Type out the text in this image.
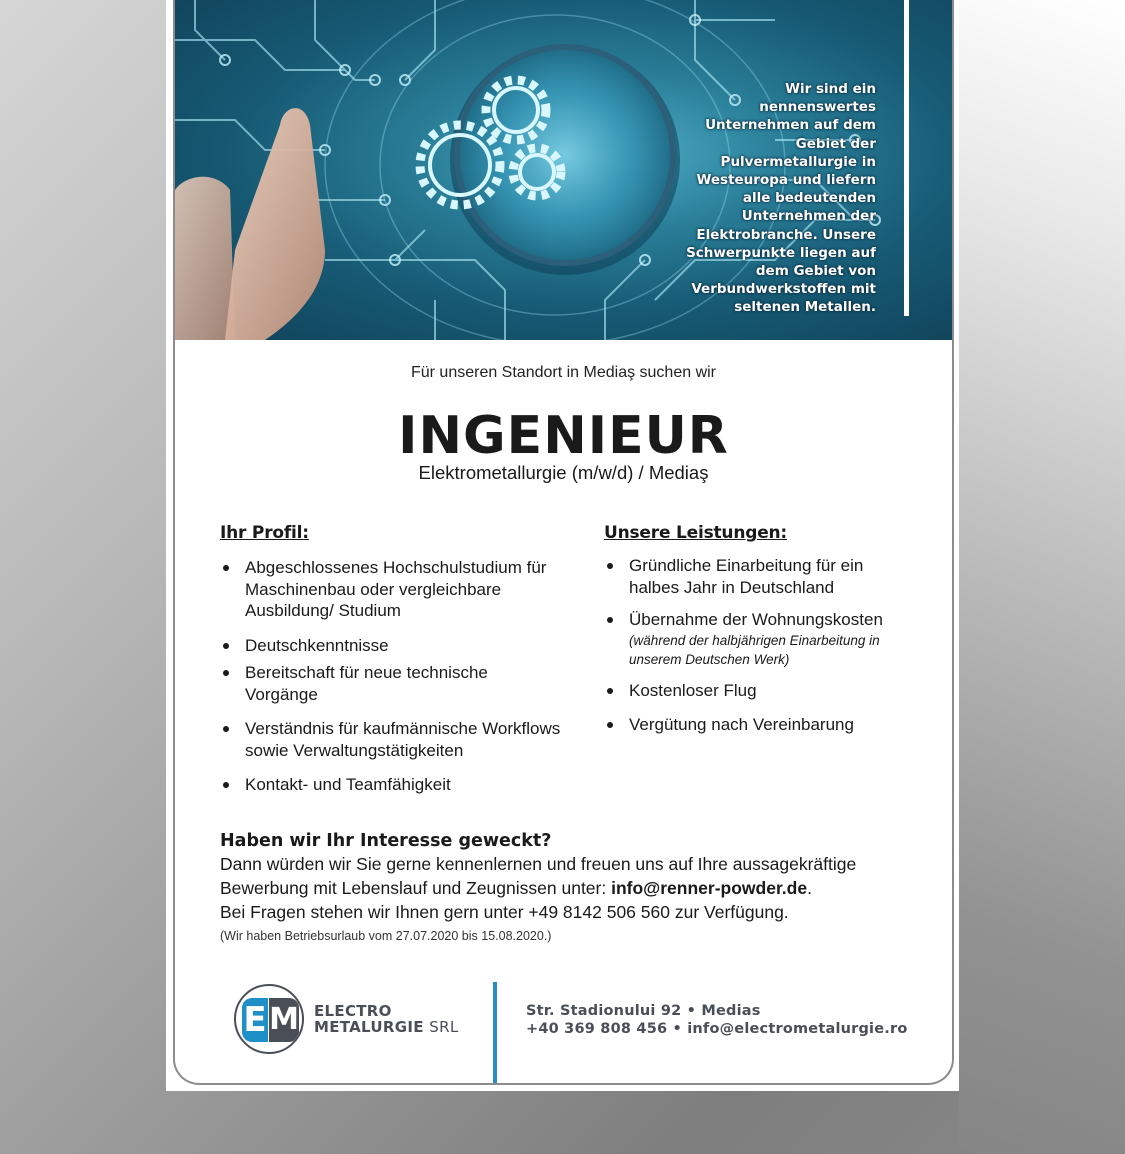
Wir sind ein nennenswertes Unternehmen auf dem Gebiet der Pulvermetallurgie in Westeuropa und liefern alle bedeutenden Unternehmen der Elektrobranche. Unsere Schwerpunkte liegen auf dem Gebiet von Verbundwerkstoffen mit seltenen Metallen.
Für unseren Standort in Mediaş suchen wir
INGENIEUR
Elektrometallurgie (m/w/d) / Mediaş
Ihr Profil:
Abgeschlossenes Hochschulstudium für Maschinenbau oder vergleichbare Ausbildung/ Studium
Deutschkenntnisse
Bereitschaft für neue technische Vorgänge
Verständnis für kaufmännische Workflows sowie Verwaltungstätigkeiten
Kontakt- und Teamfähigkeit
Unsere Leistungen:
Gründliche Einarbeitung für ein halbes Jahr in Deutschland
Übernahme der Wohnungskosten
(während der halbjährigen Einarbeitung in unserem Deutschen Werk)
Kostenloser Flug
Vergütung nach Vereinbarung
Haben wir Ihr Interesse geweckt?

Dann würden wir Sie gerne kennenlernen und freuen uns auf Ihre aussagekräftige

Bewerbung mit Lebenslauf und Zeugnissen unter: info@renner-powder.de.

Bei Fragen stehen wir Ihnen gern unter +49 8142 506 560 zur Verfügung.

(Wir haben Betriebsurlaub vom 27.07.2020 bis 15.08.2020.)
E M ELECTRO
METALURGIE SRL
Str. Stadionului 92 • Medias
+40 369 808 456 • info@electrometalurgie.ro
